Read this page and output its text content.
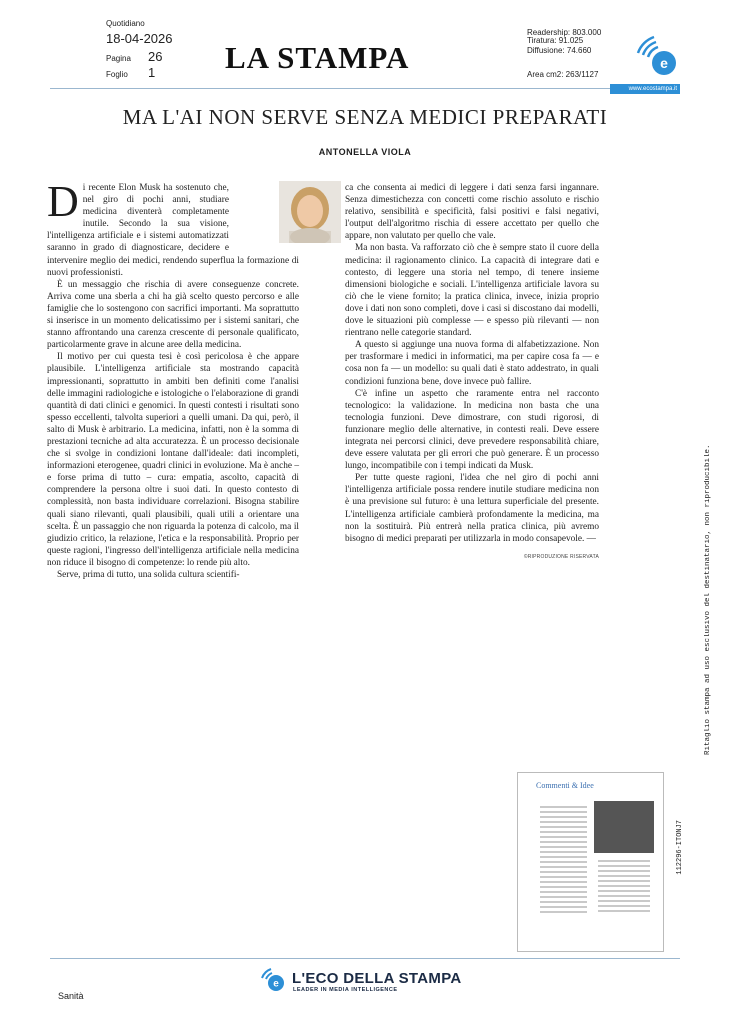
Quotidiano
18-04-2026
Pagina 26
Foglio 1 LA STAMPA
Readership: 803.000
Tiratura: 91.025
Diffusione: 74.660
Area cm2: 263/1127
e
www.ecostampa.it
MA L'AI NON SERVE SENZA MEDICI PREPARATI
ANTONELLA VIOLA

Di recente Elon Musk ha sostenuto che, nel giro di pochi anni, studiare medicina diventerà completamente inutile. Secondo la sua visione, l'intelligenza artificiale e i sistemi automatizzati saranno in grado di diagnosticare, decidere e intervenire meglio dei medici, rendendo superflua la formazione di nuovi professionisti.

È un messaggio che rischia di avere conseguenze concrete. Arriva come una sberla a chi ha già scelto questo percorso e alle famiglie che lo sostengono con sacrifici importanti. Ma soprattutto si inserisce in un momento delicatissimo per i sistemi sanitari, che stanno affrontando una carenza crescente di personale qualificato, particolarmente grave in alcune aree della medicina.

Il motivo per cui questa tesi è così pericolosa è che appare plausibile. L'intelligenza artificiale sta mostrando capacità impressionanti, soprattutto in ambiti ben definiti come l'analisi delle immagini radiologiche e istologiche o l'elaborazione di grandi quantità di dati clinici e genomici. In questi contesti i risultati sono spesso eccellenti, talvolta superiori a quelli umani. Da qui, però, il salto di Musk è arbitrario. La medicina, infatti, non è la somma di prestazioni tecniche ad alta accuratezza. È un processo decisionale che si svolge in condizioni lontane dall'ideale: dati incompleti, informazioni eterogenee, quadri clinici in evoluzione. Ma è anche – e forse prima di tutto – cura: empatia, ascolto, capacità di comprendere la persona oltre i suoi dati. In questo contesto di complessità, non basta individuare correlazioni. Bisogna stabilire quali siano rilevanti, quali plausibili, quali utili a orientare una scelta. È un passaggio che non riguarda la potenza di calcolo, ma il giudizio critico, la relazione, l'etica e la responsabilità. Proprio per queste ragioni, l'ingresso dell'intelligenza artificiale nella medicina non riduce il bisogno di competenze: lo rende più alto.

Serve, prima di tutto, una solida cultura scientifi-

ca che consenta ai medici di leggere i dati senza farsi ingannare. Senza dimestichezza con concetti come rischio assoluto e rischio relativo, sensibilità e specificità, falsi positivi e falsi negativi, l'output dell'algoritmo rischia di essere accettato per quello che appare, non valutato per quello che vale.

Ma non basta. Va rafforzato ciò che è sempre stato il cuore della medicina: il ragionamento clinico. La capacità di integrare dati e contesto, di leggere una storia nel tempo, di tenere insieme dimensioni biologiche e sociali. L'intelligenza artificiale lavora su ciò che le viene fornito; la pratica clinica, invece, inizia proprio dove i dati non sono completi, dove i casi si discostano dai modelli, dove le situazioni più complesse — e spesso più rilevanti — non rientrano nelle categorie standard.

A questo si aggiunge una nuova forma di alfabetizzazione. Non per trasformare i medici in informatici, ma per capire cosa fa — e cosa non fa — un modello: su quali dati è stato addestrato, in quali condizioni funziona bene, dove invece può fallire.

C'è infine un aspetto che raramente entra nel racconto tecnologico: la validazione. In medicina non basta che una tecnologia funzioni. Deve dimostrare, con studi rigorosi, di funzionare meglio delle alternative, in contesti reali. Deve essere integrata nei percorsi clinici, deve prevedere responsabilità chiare, deve essere valutata per gli errori che può generare. È un processo lungo, incompatibile con i tempi indicati da Musk.

Per tutte queste ragioni, l'idea che nel giro di pochi anni l'intelligenza artificiale possa rendere inutile studiare medicina non è una previsione sul futuro: è una lettura superficiale del presente. L'intelligenza artificiale cambierà profondamente la medicina, ma non la sostituirà. Più entrerà nella pratica clinica, più avremo bisogno di medici preparati per utilizzarla in modo consapevole. —

©RIPRODUZIONE RISERVATA	Ritaglio stampa ad uso esclusivo del destinatario, non riproducibile.
112296-ITONJ7
Commenti & Idee
e L'ECO DELLA STAMPA
LEADER IN MEDIA INTELLIGENCE
Sanità
